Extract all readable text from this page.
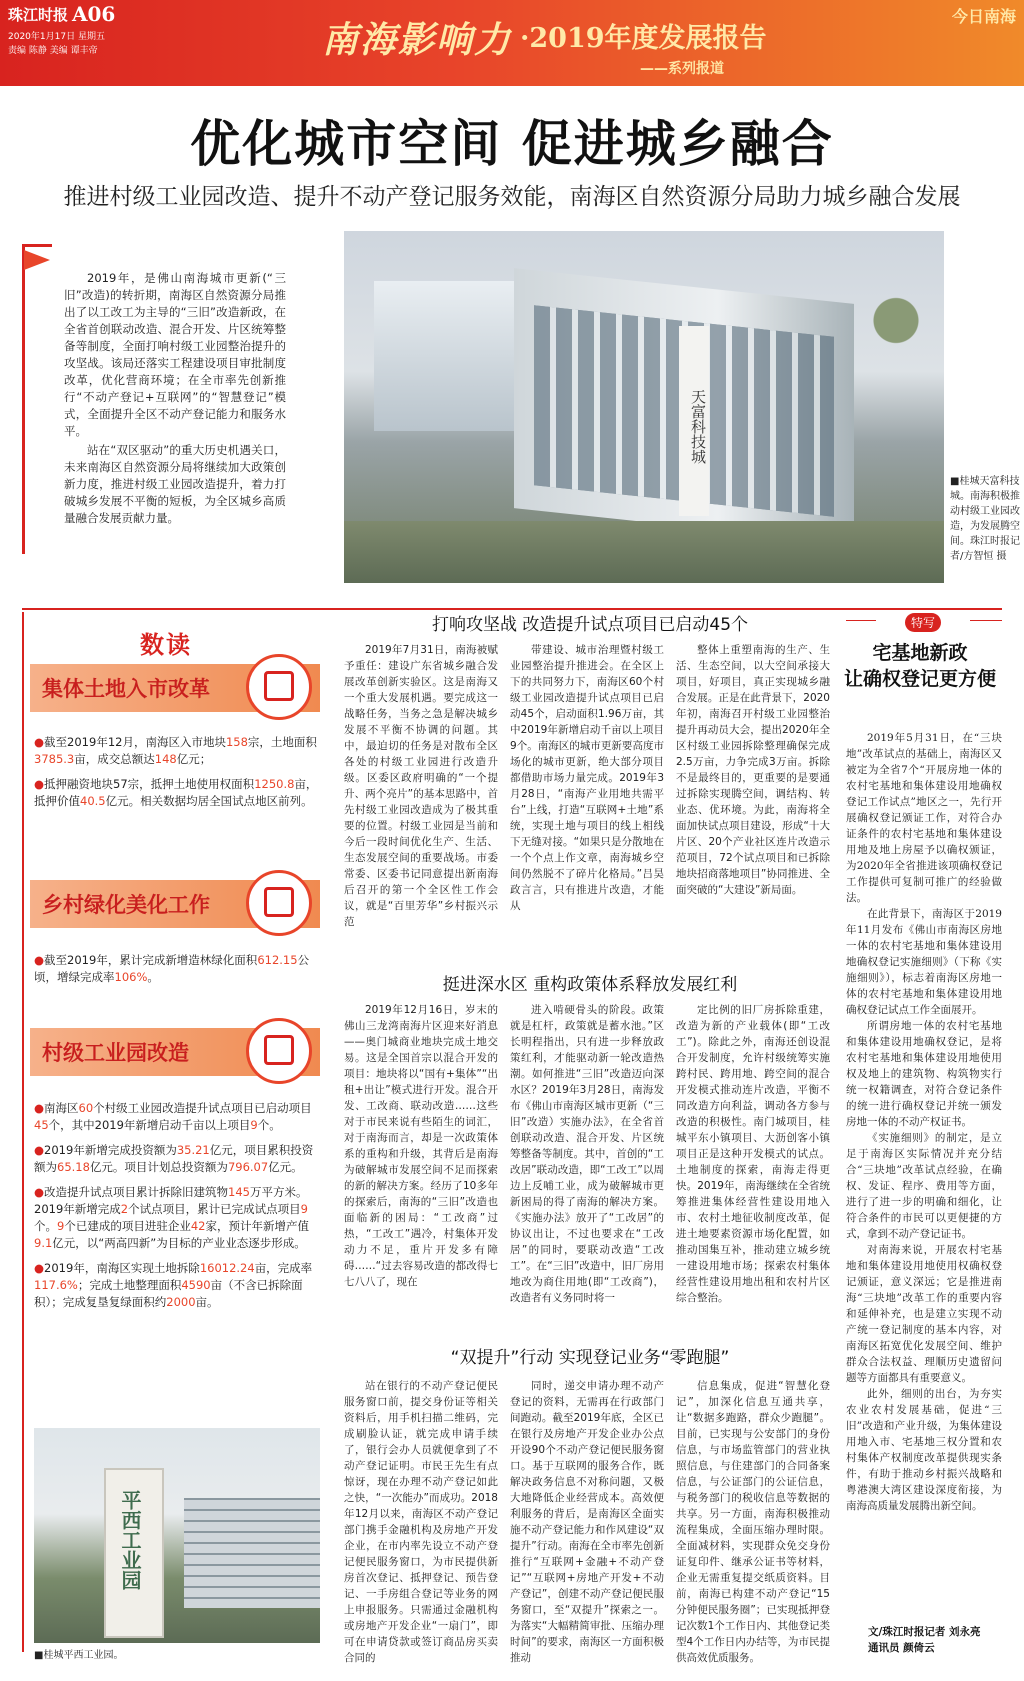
珠江时报 A06
2020年1月17日 星期五
责编 陈静 美编 谭丰帝	南海影响力 ·2019年度发展报告
——系列报道
今日南海
优化城市空间 促进城乡融合
推进村级工业园改造、提升不动产登记服务效能，南海区自然资源分局助力城乡融合发展

2019年，是佛山南海城市更新(“三旧”改造)的转折期，南海区自然资源分局推出了以工改工为主导的“三旧”改造新政，在全省首创联动改造、混合开发、片区统筹整备等制度，全面打响村级工业园整治提升的攻坚战。该局还落实工程建设项目审批制度改革，优化营商环境；在全市率先创新推行“不动产登记+互联网”的“智慧登记”模式，全面提升全区不动产登记能力和服务水平。

站在“双区驱动”的重大历史机遇关口，未来南海区自然资源分局将继续加大政策创新力度，推进村级工业园改造提升，着力打破城乡发展不平衡的短板，为全区城乡高质量融合发展贡献力量。

天富科技城
■桂城天富科技城。南海积极推动村级工业园改造，为发展腾空间。珠江时报记者/方智恒 摄
数读
集体土地入市改革

●截至2019年12月，南海区入市地块158宗，土地面积3785.3亩，成交总额达148亿元；

●抵押融资地块57宗，抵押土地使用权面积1250.8亩，抵押价值40.5亿元。相关数据均居全国试点地区前列。

乡村绿化美化工作

●截至2019年，累计完成新增造林绿化面积612.15公顷，增绿完成率106%。

村级工业园改造

●南海区60个村级工业园改造提升试点项目已启动项目45个，其中2019年新增启动千亩以上项目9个。

●2019年新增完成投资额为35.21亿元，项目累积投资额为65.18亿元。项目计划总投资额为796.07亿元。

●改造提升试点项目累计拆除旧建筑物145万平方米。2019年新增完成2个试点项目，累计已完成试点项目9个。9个已建成的项目进驻企业42家，预计年新增产值9.1亿元，以“两高四新”为目标的产业业态逐步形成。

●2019年，南海区实现土地拆除16012.24亩，完成率117.6%；完成土地整理面积4590亩（不含已拆除面积）；完成复垦复绿面积约2000亩。

平西工业园
■桂城平西工业园。
打响攻坚战 改造提升试点项目已启动45个

2019年7月31日，南海被赋予重任：建设广东省城乡融合发展改革创新实验区。这是南海又一个重大发展机遇。要完成这一战略任务，当务之急是解决城乡发展不平衡不协调的问题。其中，最迫切的任务是对散布全区各处的村级工业园进行改造升级。区委区政府明确的“一个提升、两个亮片”的基本思路中，首先村级工业园改造成为了极其重要的位置。村级工业园是当前和今后一段时间优化生产、生活、生态发展空间的重要战场。市委常委、区委书记同意提出新南海后召开的第一个全区性工作会议，就是“百里芳华”乡村振兴示范

带建设、城市治理暨村级工业园整治提升推进会。在全区上下的共同努力下，南海区60个村级工业园改造提升试点项目已启动45个，启动面积1.96万亩，其中2019年新增启动千亩以上项目9个。南海区的城市更新要高度市场化的城市更新，绝大部分项目都借助市场力量完成。2019年3月28日，“南海产业用地共需平台”上线，打造“互联网+土地”系统，实现土地与项目的线上相线下无缝对接。“如果只是分散地在一个个点上作文章，南海城乡空间仍然脱不了碎片化格局。”吕昊政言言，只有推进片改造，才能从

整体上重塑南海的生产、生活、生态空间，以大空间承接大项目，好项目，真正实现城乡融合发展。正是在此背景下，2020年初，南海召开村级工业园整治提升再动员大会，提出2020年全区村级工业园拆除整理确保完成2.5万亩，力争完成3万亩。拆除不是最终目的，更重要的是要通过拆除实现腾空间，调结构、转业态、优环境。为此，南海将全面加快试点项目建设，形成“十大片区、20个产业社区连片改造示范项目，72个试点项目和已拆除地块招商落地项目”协同推进、全面突破的“大建设”新局面。

挺进深水区 重构政策体系释放发展红利

2019年12月16日，岁末的佛山三龙湾南海片区迎来好消息——奥门城商业地块完成土地交易。这是全国首宗以混合开发的项目：地块将以“国有+集体”“出租+出让”模式进行开发。混合开发、工改商、联动改造……这些对于市民来说有些陌生的词汇，对于南海而言，却是一次政策体系的重构和升级，其背后是南海为破解城市发展空间不足而探索的新的解决方案。经历了10多年的探索后，南海的“三旧”改造也面临新的困局：“工改商”过热，“工改工”遇冷，村集体开发动力不足，重片开发多有障碍……“过去容易改造的都改得七七八八了，现在

进入啃硬骨头的阶段。政策就是杠杆，政策就是蓄水池。”区长明程指出，只有进一步释放政策红利，才能驱动新一轮改造热潮。如何推进“三旧”改造迈向深水区？2019年3月28日，南海发布《佛山市南海区城市更新（“三旧”改造）实施办法》，在全省首创联动改造、混合开发、片区统筹整备等制度。其中，首创的“工改居”联动改造，即“工改工”以周边上反哺工业，成为破解城市更新困局的得了南海的解决方案。《实施办法》放开了“工改居”的协议出让，不过也要求在“工改居”的同时，要联动改造“工改工”。在“三旧”改造中，旧厂房用地改为商住用地(即“工改商”)，改造者有义务同时将一

定比例的旧厂房拆除重建，改造为新的产业载体(即“工改工”)。除此之外，南海还创设混合开发制度，允许村级统筹实施跨村民、跨用地、跨空间的混合开发模式推动连片改造，平衡不同改造方向利益，调动各方参与改造的积极性。南门城项目，桂城平东小镇项目、大沥创客小镇项目正是这种开发模式的试点。土地制度的探索，南海走得更快。2019年，南海继续在全省统筹推进集体经营性建设用地入市、农村土地征收制度改革，促进土地要素资源市场化配置，如推动国集互补，推动建立城乡统一建设用地市场；探索农村集体经营性建设用地出租和农村片区综合整治。

“双提升”行动 实现登记业务“零跑腿”

站在银行的不动产登记便民服务窗口前，提交身份证等相关资料后，用手机扫描二维码，完成刷脸认证，就完成申请手续了，银行会办人员就便拿到了不动产登记证明。市民王先生有点惊讶，现在办理不动产登记如此之快，“一次能办”而成功。2018年12月以来，南海区不动产登记部门携手金融机构及房地产开发企业，在市内率先设立不动产登记便民服务窗口，为市民提供新房首次登记、抵押登记、预告登记、一手房组合登记等业务的网上申报服务。只需通过金融机构或房地产开发企业“一扇门”，即可在申请贷款或签订商品房买卖合同的

同时，递交申请办理不动产登记的资料，无需再在行政部门间跑动。截至2019年底，全区已在银行及房地产开发企业办公点开设90个不动产登记便民服务窗口。基于互联网的服务合作，既解决政务信息不对称问题，又极大地降低企业经营成本。高效便利服务的背后，是南海区全面实施不动产登记能力和作风建设“双提升”行动。南海在全市率先创新推行“互联网+金融+不动产登记”“互联网+房地产开发+不动产登记”，创建不动产登记便民服务窗口，至“双提升”探索之一。为落实“大幅精简审批、压缩办理时间”的要求，南海区一方面积极推动

信息集成，促进“智慧化登记”，加深化信息互通共享，让“数据多跑路，群众少跑腿”。目前，已实现与公安部门的身份信息，与市场监管部门的营业执照信息，与住建部门的合同备案信息，与公证部门的公证信息，与税务部门的税收信息等数据的共享。另一方面，南海积极推动流程集成，全面压缩办理时限。全面减材料，实现群众免交身份证复印件、继承公证书等材料，企业无需重复提交纸质资料。目前，南海已构建不动产登记“15分钟便民服务圈”；已实现抵押登记次数1个工作日内、其他登记类型4个工作日内办结等，为市民提供高效优质服务。

特写
宅基地新政
让确权登记更方便

2019年5月31日，在“三块地”改革试点的基础上，南海区又被定为全省7个“开展房地一体的农村宅基地和集体建设用地确权登记工作试点”地区之一，先行开展确权登记颁证工作，对符合办证条件的农村宅基地和集体建设用地及地上房屋予以确权颁证，为2020年全省推进该项确权登记工作提供可复制可推广的经验做法。

在此背景下，南海区于2019年11月发布《佛山市南海区房地一体的农村宅基地和集体建设用地确权登记实施细则》（下称《实施细则》），标志着南海区房地一体的农村宅基地和集体建设用地确权登记试点工作全面展开。

所谓房地一体的农村宅基地和集体建设用地确权登记，是将农村宅基地和集体建设用地使用权及地上的建筑物、构筑物实行统一权籍调查，对符合登记条件的统一进行确权登记并统一颁发房地一体的不动产权证书。

《实施细则》的制定，是立足于南海区实际情况并充分结合“三块地”改革试点经验，在确权、发证、程序、费用等方面，进行了进一步的明确和细化，让符合条件的市民可以更便捷的方式，拿到不动产登记证书。

对南海来说，开展农村宅基地和集体建设用地使用权确权登记颁证，意义深远；它是推进南海“三块地”改革工作的重要内容和延伸补充，也是建立实现不动产统一登记制度的基本内容，对南海区拓宽优化发展空间、维护群众合法权益、理顺历史遗留问题等方面都具有重要意义。

此外，细则的出台，为夯实农业农村发展基础，促进“三旧”改造和产业升级，为集体建设用地入市、宅基地三权分置和农村集体产权制度改革提供现实条件，有助于推动乡村振兴战略和粤港澳大湾区建设深度衔接，为南海高质量发展腾出新空间。

文/珠江时报记者 刘永亮
通讯员 颜倚云
